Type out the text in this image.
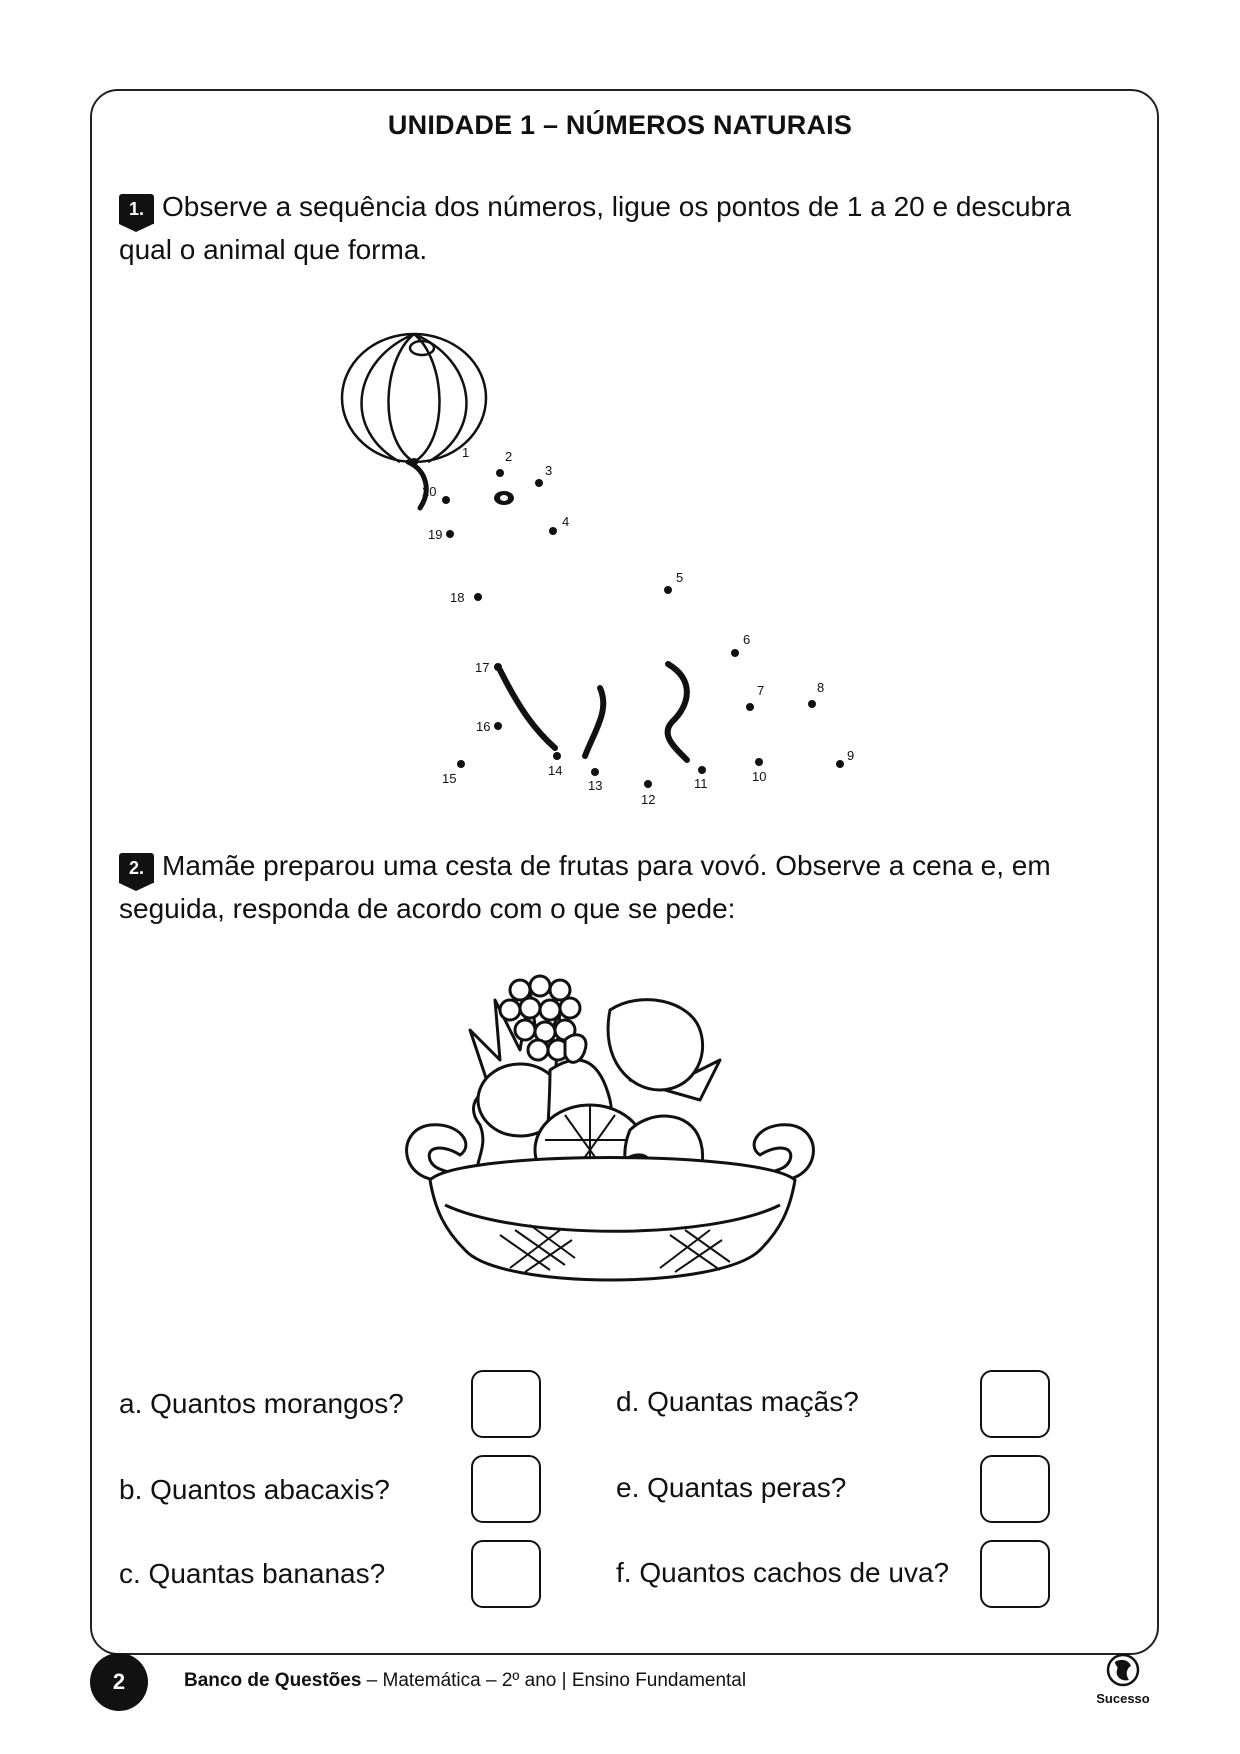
UNIDADE 1 – NÚMEROS NATURAIS
1. Observe a sequência dos números, ligue os pontos de 1 a 20 e descubra qual o animal que forma.
1	2
3
4
5
6
7	8
9
10
11
12
13
14
15
16
17
18
19
20
2. Mamãe preparou uma cesta de frutas para vovó. Observe a cena e, em seguida, responda de acordo com o que se pede:
a. Quantos morangos?
b. Quantos abacaxis?
c. Quantas bananas?
d. Quantas maçãs?
e. Quantas peras?
f. Quantos cachos de uva?
2	Banco de Questões – Matemática – 2º ano | Ensino Fundamental
Sucesso
